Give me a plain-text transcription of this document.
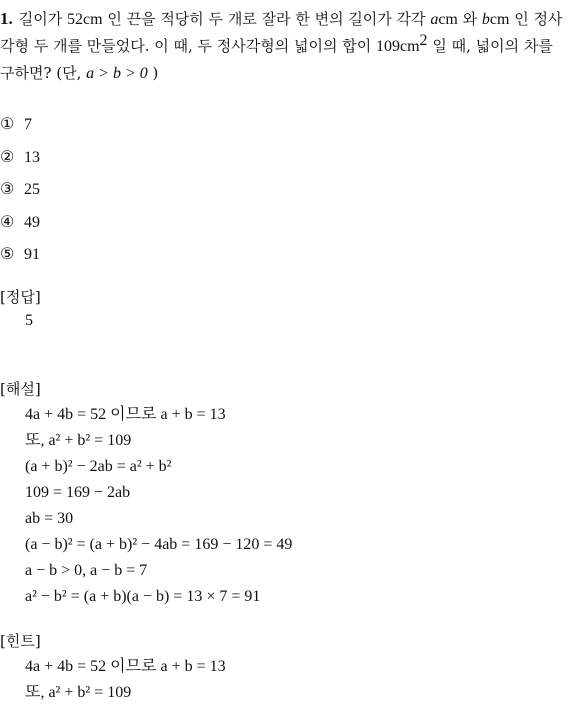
1. 길이가 52cm 인 끈을 적당히 두 개로 잘라 한 변의 길이가 각각 acm 와 bcm 인 정사각형 두 개를 만들었다. 이 때, 두 정사각형의 넓이의 합이 $109cm^2$ 일 때, 넓이의 차를 구하면? (단, a > b > 0 )
① 7
② 13
③ 25
④ 49
⑤ 91
[정답]
5
[해설]
4a + 4b = 52 이므로 a + b = 13
또, a² + b² = 109
(a + b)² − 2ab = a² + b²
109 = 169 − 2ab
ab = 30
(a − b)² = (a + b)² − 4ab = 169 − 120 = 49
a − b > 0, a − b = 7
a² − b² = (a + b)(a − b) = 13 × 7 = 91
[힌트]
4a + 4b = 52 이므로 a + b = 13
또, a² + b² = 109
